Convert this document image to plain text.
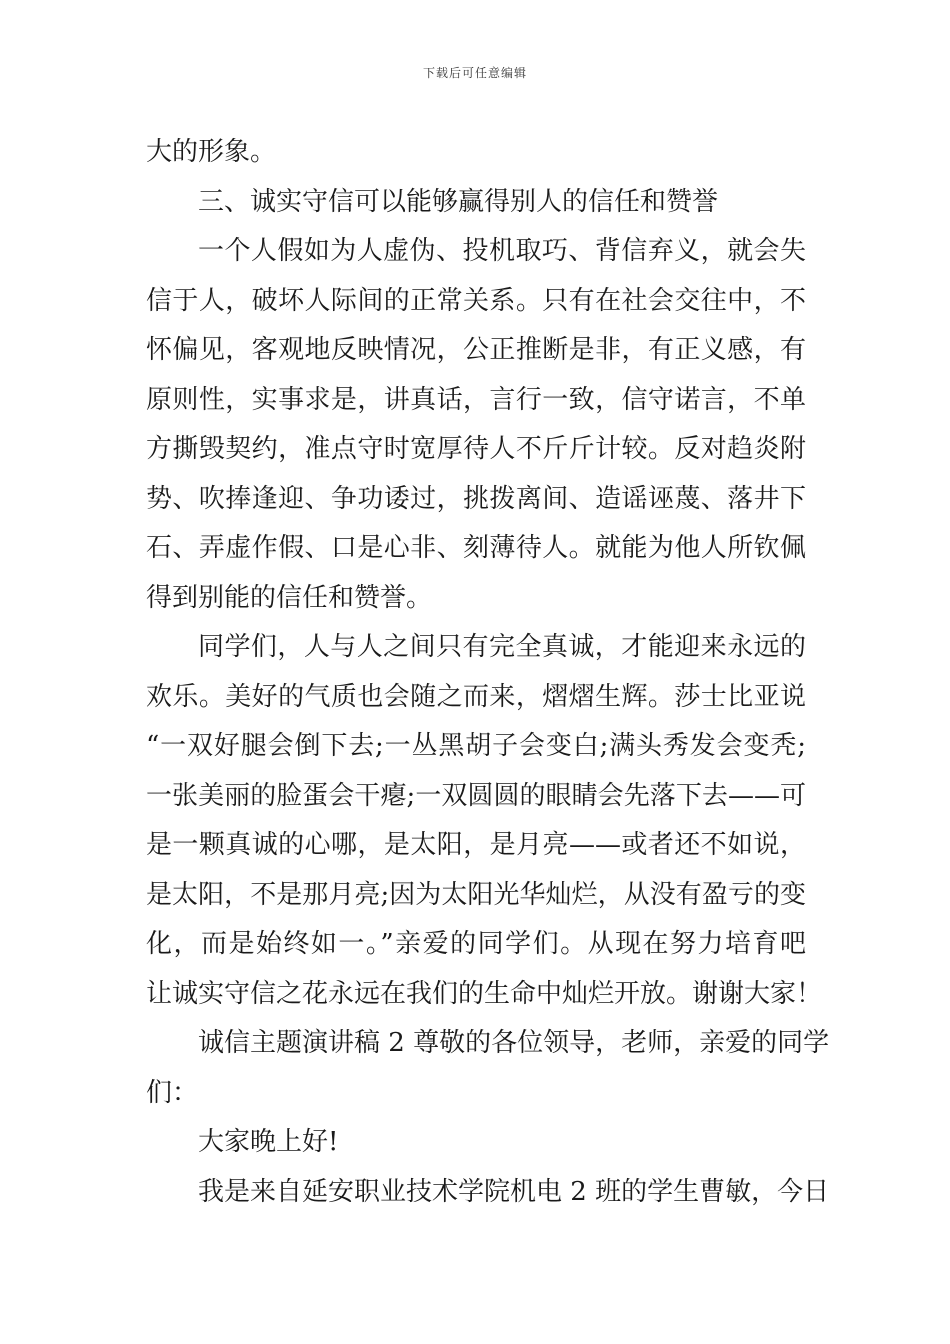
下载后可任意编辑
大的形象。
三、诚实守信可以能够赢得别人的信任和赞誉
一个人假如为人虚伪、投机取巧、背信弃义，就会失
信于人，破坏人际间的正常关系。只有在社会交往中，不
怀偏见，客观地反映情况，公正推断是非，有正义感，有
原则性，实事求是，讲真话，言行一致，信守诺言，不单
方撕毁契约，准点守时宽厚待人不斤斤计较。反对趋炎附
势、吹捧逢迎、争功诿过，挑拨离间、造谣诬蔑、落井下
石、弄虚作假、口是心非、刻薄待人。就能为他人所钦佩
得到别能的信任和赞誉。
同学们，人与人之间只有完全真诚，才能迎来永远的
欢乐。美好的气质也会随之而来，熠熠生辉。莎士比亚说
“一双好腿会倒下去;一丛黑胡子会变白;满头秀发会变秃;
一张美丽的脸蛋会干瘪;一双圆圆的眼睛会先落下去——可
是一颗真诚的心哪，是太阳，是月亮——或者还不如说，
是太阳，不是那月亮;因为太阳光华灿烂，从没有盈亏的变
化，而是始终如一。”亲爱的同学们。从现在努力培育吧
让诚实守信之花永远在我们的生命中灿烂开放。谢谢大家！
诚信主题演讲稿 2 尊敬的各位领导，老师，亲爱的同学
们：
大家晚上好!
我是来自延安职业技术学院机电 2 班的学生曹敏，今日
